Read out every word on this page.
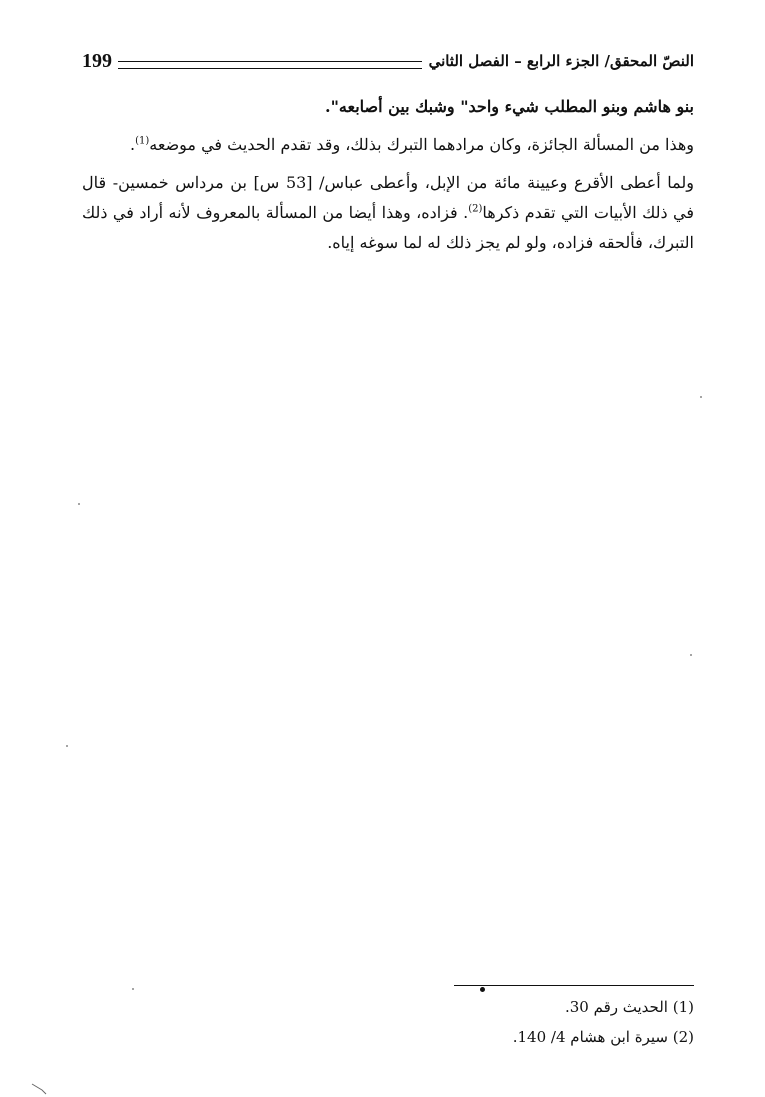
النصّ المحقق/ الجزء الرابع – الفصل الثاني
199

بنو هاشم وبنو المطلب شيء واحد" وشبك بين أصابعه".

وهذا من المسألة الجائزة، وكان مرادهما التبرك بذلك، وقد تقدم الحديث في موضعه$^{(1)}$.

ولما أعطى الأقرع وعيينة مائة من الإبل، وأعطى عباس/ [53 س] بن مرداس خمسين- قال في ذلك الأبيات التي تقدم ذكرها$^{(2)}$. فزاده، وهذا أيضا من المسألة بالمعروف لأنه أراد في ذلك التبرك، فألحقه فزاده، ولو لم يجز ذلك له لما سوغه إياه.

(1) الحديث رقم 30.
(2) سيرة ابن هشام 4/ 140.
